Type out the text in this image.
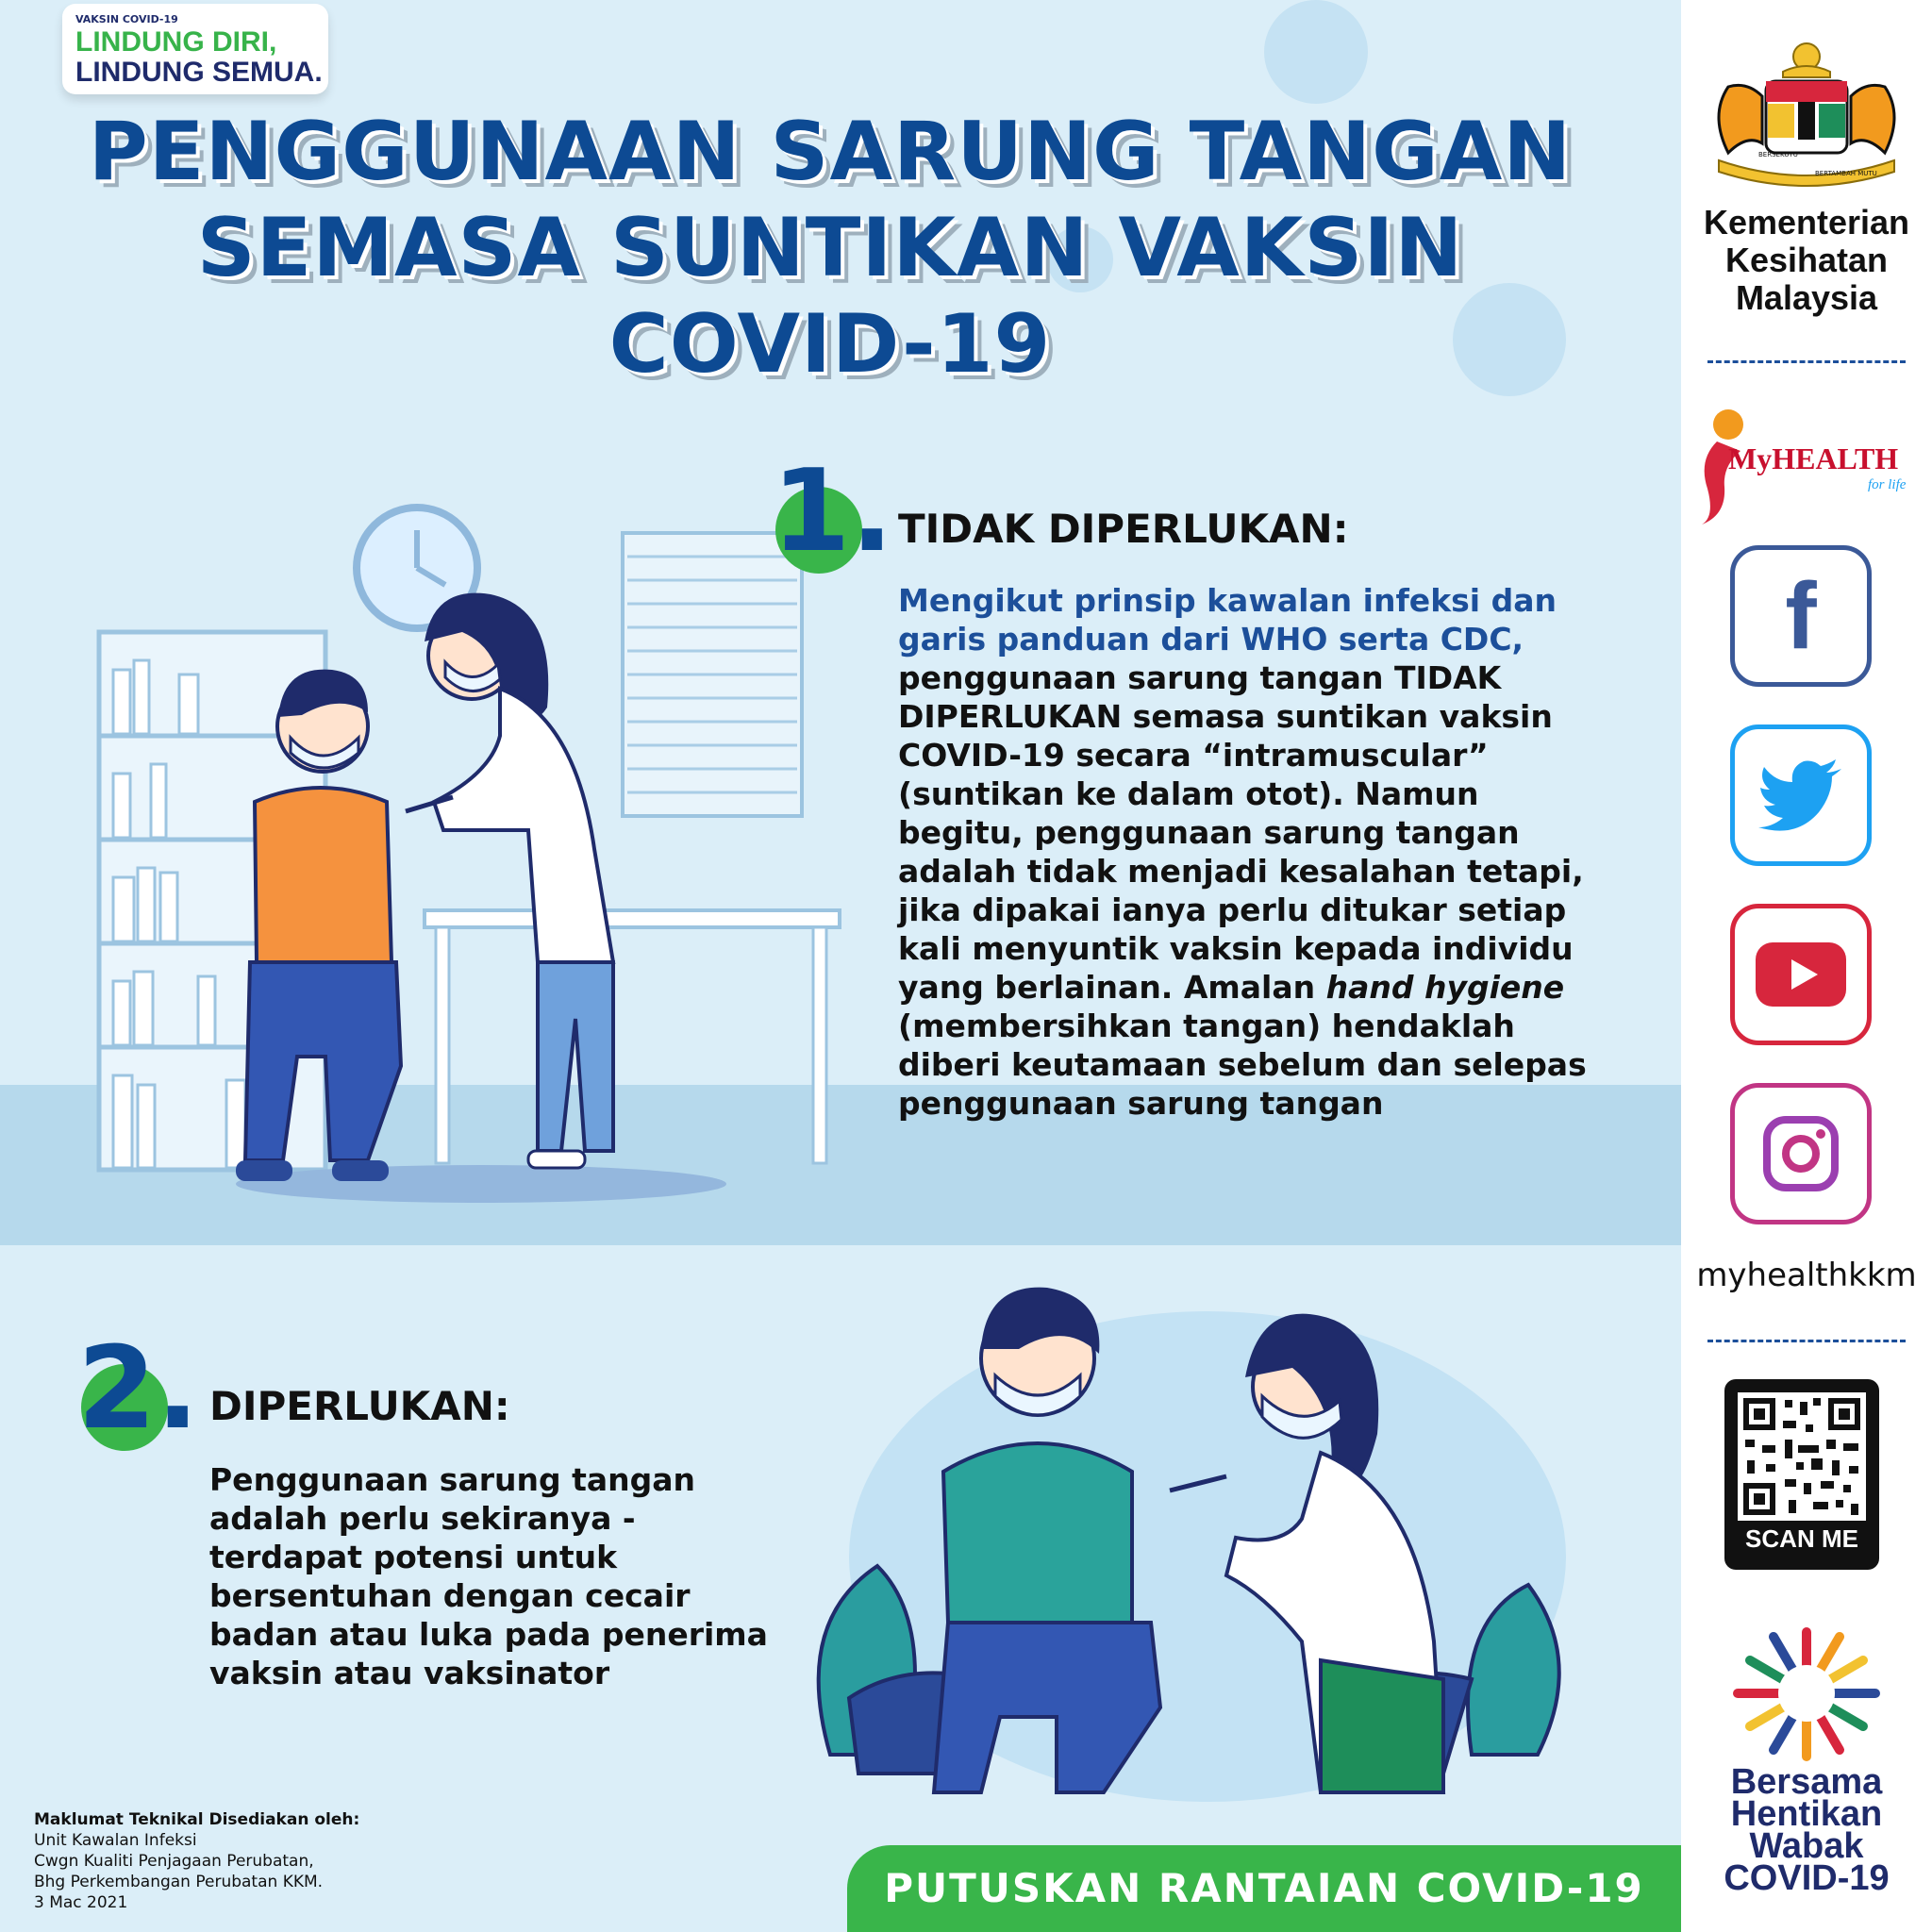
VAKSIN COVID-19
LINDUNG DIRI,
LINDUNG SEMUA.
PENGGUNAAN SARUNG TANGAN
SEMASA SUNTIKAN VAKSIN
COVID-19
1. TIDAK DIPERLUKAN:
Mengikut prinsip kawalan infeksi dan garis panduan dari WHO serta CDC, penggunaan sarung tangan TIDAK DIPERLUKAN semasa suntikan vaksin COVID-19 secara “intramuscular” (suntikan ke dalam otot). Namun begitu, penggunaan sarung tangan adalah tidak menjadi kesalahan tetapi, jika dipakai ianya perlu ditukar setiap kali menyuntik vaksin kepada individu yang berlainan. Amalan hand hygiene (membersihkan tangan) hendaklah diberi keutamaan sebelum dan selepas penggunaan sarung tangan
2. DIPERLUKAN:
Penggunaan sarung tangan adalah perlu sekiranya - terdapat potensi untuk bersentuhan dengan cecair badan atau luka pada penerima vaksin atau vaksinator
Maklumat Teknikal Disediakan oleh:
Unit Kawalan Infeksi
Cwgn Kualiti Penjagaan Perubatan,
Bhg Perkembangan Perubatan KKM.
3 Mac 2021	PUTUSKAN RANTAIAN COVID-19
BERSEKUTU
BERTAMBAH MUTU
Kementerian
Kesihatan
Malaysia
MyHEALTH
for life
f
myhealthkkm
SCAN ME
Bersama
Hentikan
Wabak
COVID-19
